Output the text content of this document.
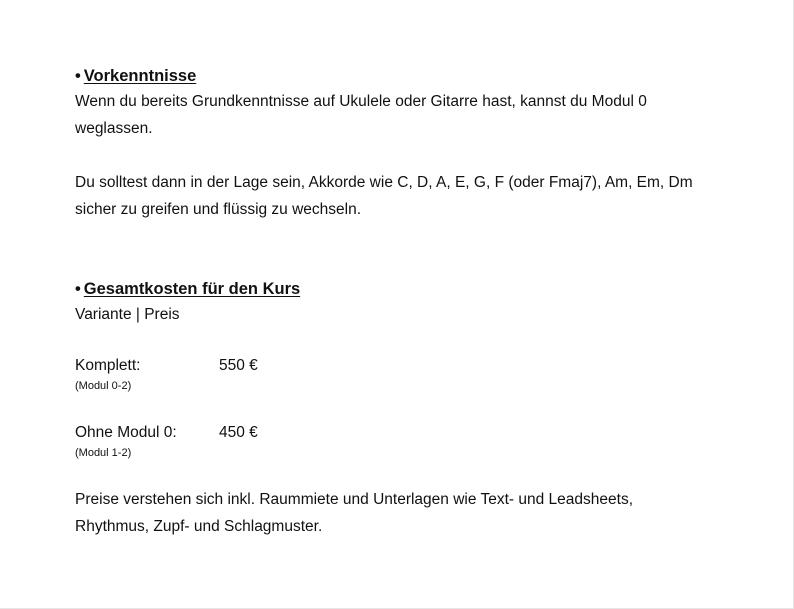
• Vorkenntnisse

Wenn du bereits Grundkenntnisse auf Ukulele oder Gitarre hast, kannst du Modul 0

weglassen.

Du solltest dann in der Lage sein, Akkorde wie C, D, A, E, G, F (oder Fmaj7), Am, Em, Dm

sicher zu greifen und flüssig zu wechseln.

• Gesamtkosten für den Kurs

Variante | Preis

Komplett:	550 €
(Modul 0-2)
Ohne Modul 0:	450 €
(Modul 1-2)

Preise verstehen sich inkl. Raummiete und Unterlagen wie Text- und Leadsheets,

Rhythmus, Zupf- und Schlagmuster.
